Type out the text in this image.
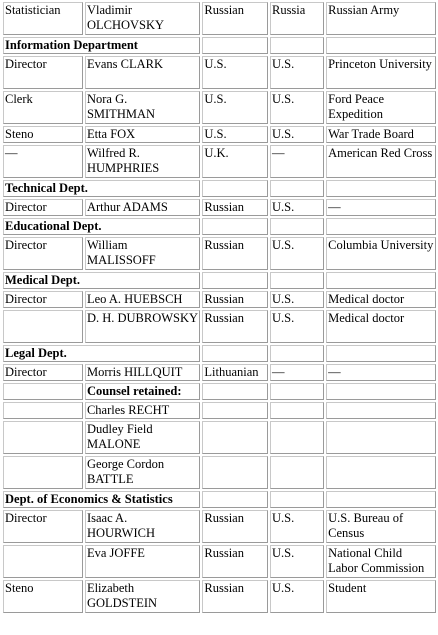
Statistician	Vladimir OLCHOVSKY	Russian	Russia	Russian Army
Information Department				
Director	Evans CLARK	U.S.	U.S.	Princeton University
Clerk	Nora G. SMITHMAN	U.S.	U.S.	Ford Peace Expedition
Steno	Etta FOX	U.S.	U.S.	War Trade Board
—	Wilfred R. HUMPHRIES	U.K.	—	American Red Cross
Technical Dept.				
Director	Arthur ADAMS	Russian	U.S.	—
Educational Dept.				
Director	William MALISSOFF	Russian	U.S.	Columbia University
Medical Dept.				
Director	Leo A. HUEBSCH	Russian	U.S.	Medical doctor
	D. H. DUBROWSKY	Russian	U.S.	Medical doctor
Legal Dept.				
Director	Morris HILLQUIT	Lithuanian	—	—
	Counsel retained:			
	Charles RECHT			
	Dudley Field MALONE			
	George Cordon BATTLE			
Dept. of Economics & Statistics				
Director	Isaac A. HOURWICH	Russian	U.S.	U.S. Bureau of Census
	Eva JOFFE	Russian	U.S.	National Child Labor Commission
Steno	Elizabeth GOLDSTEIN	Russian	U.S.	Student
